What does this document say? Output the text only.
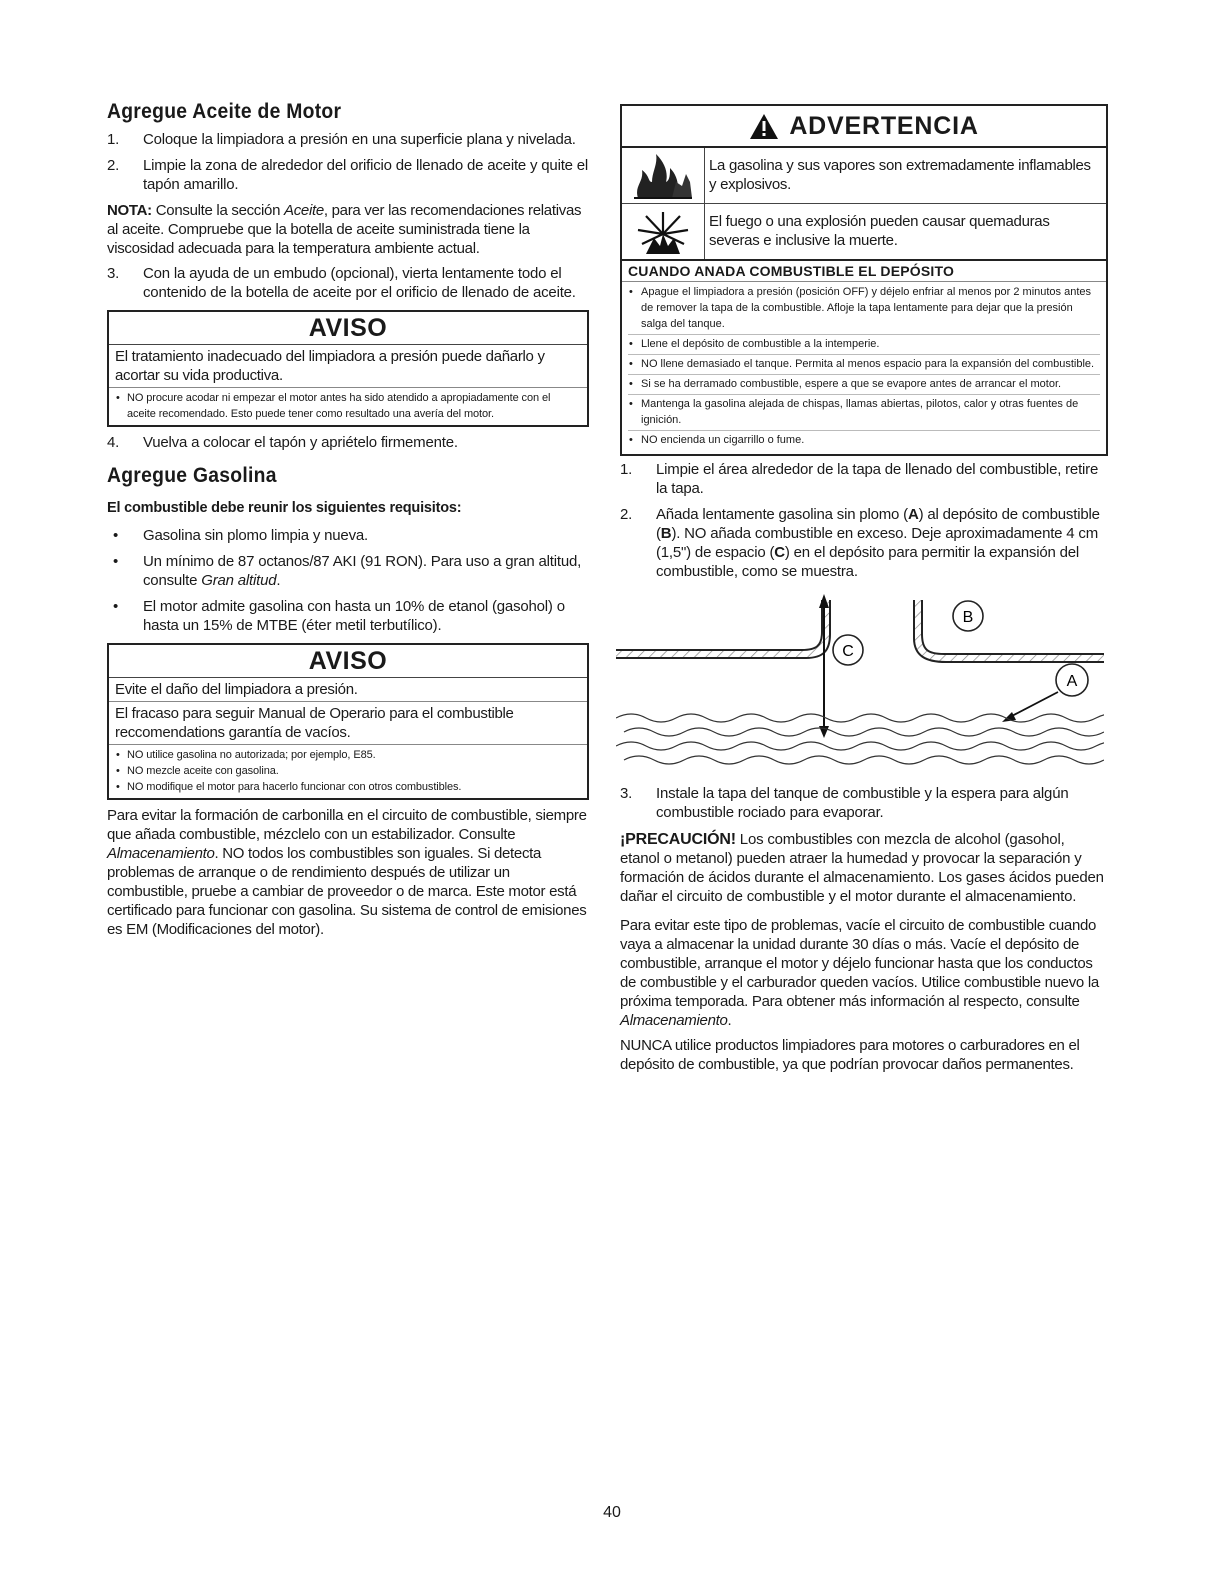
Agregue Aceite de Motor
1. Coloque la limpiadora a presión en una superficie plana y nivelada.
2. Limpie la zona de alrededor del orificio de llenado de aceite y quite el tapón amarillo.

NOTA: Consulte la sección Aceite, para ver las recomendaciones relativas al aceite. Compruebe que la botella de aceite suministrada tiene la viscosidad adecuada para la temperatura ambiente actual.

3. Con la ayuda de un embudo (opcional), vierta lentamente todo el contenido de la botella de aceite por el orificio de llenado de aceite.
AVISO
El tratamiento inadecuado del limpiadora a presión puede dañarlo y acortar su vida productiva.
• NO procure acodar ni empezar el motor antes ha sido atendido a apropiadamente con el aceite recomendado. Esto puede tener como resultado una avería del motor.
4. Vuelva a colocar el tapón y apriételo firmemente.
Agregue Gasolina
El combustible debe reunir los siguientes requisitos:
• Gasolina sin plomo limpia y nueva.
• Un mínimo de 87 octanos/87 AKI (91 RON). Para uso a gran altitud, consulte Gran altitud.
• El motor admite gasolina con hasta un 10% de etanol (gasohol) o hasta un 15% de MTBE (éter metil terbutílico).
AVISO
Evite el daño del limpiadora a presión.
El fracaso para seguir Manual de Operario para el combustible reccomendations garantía de vacíos.
• NO utilice gasolina no autorizada; por ejemplo, E85.
• NO mezcle aceite con gasolina.
• NO modifique el motor para hacerlo funcionar con otros combustibles.

Para evitar la formación de carbonilla en el circuito de combustible, siempre que añada combustible, mézclelo con un estabilizador. Consulte Almacenamiento. NO todos los combustibles son iguales. Si detecta problemas de arranque o de rendimiento después de utilizar un combustible, pruebe a cambiar de proveedor o de marca. Este motor está certificado para funcionar con gasolina. Su sistema de control de emisiones es EM (Modificaciones del motor).

ADVERTENCIA
La gasolina y sus vapores son extremadamente inflamables y explosivos.
El fuego o una explosión pueden causar quemaduras severas e inclusive la muerte.
CUANDO ANADA COMBUSTIBLE EL DEPÓSITO
• Apague el limpiadora a presión (posición OFF) y déjelo enfriar al menos por 2 minutos antes de remover la tapa de la combustible. Afloje la tapa lentamente para dejar que la presión salga del tanque.
• Llene el depósito de combustible a la intemperie.
• NO llene demasiado el tanque. Permita al menos espacio para la expansión del combustible.
• Si se ha derramado combustible, espere a que se evapore antes de arrancar el motor.
• Mantenga la gasolina alejada de chispas, llamas abiertas, pilotos, calor y otras fuentes de ignición.
• NO encienda un cigarrillo o fume.
1. Limpie el área alrededor de la tapa de llenado del combustible, retire la tapa.
2. Añada lentamente gasolina sin plomo (A) al depósito de combustible (B). NO añada combustible en exceso. Deje aproximadamente 4 cm (1,5") de espacio (C) en el depósito para permitir la expansión del combustible, como se muestra.
C
B
A
3. Instale la tapa del tanque de combustible y la espera para algún combustible rociado para evaporar.

¡PRECAUCIÓN! Los combustibles con mezcla de alcohol (gasohol, etanol o metanol) pueden atraer la humedad y provocar la separación y formación de ácidos durante el almacenamiento. Los gases ácidos pueden dañar el circuito de combustible y el motor durante el almacenamiento.

Para evitar este tipo de problemas, vacíe el circuito de combustible cuando vaya a almacenar la unidad durante 30 días o más. Vacíe el depósito de combustible, arranque el motor y déjelo funcionar hasta que los conductos de combustible y el carburador queden vacíos. Utilice combustible nuevo la próxima temporada. Para obtener más información al respecto, consulte Almacenamiento.

NUNCA utilice productos limpiadores para motores o carburadores en el depósito de combustible, ya que podrían provocar daños permanentes.

40
